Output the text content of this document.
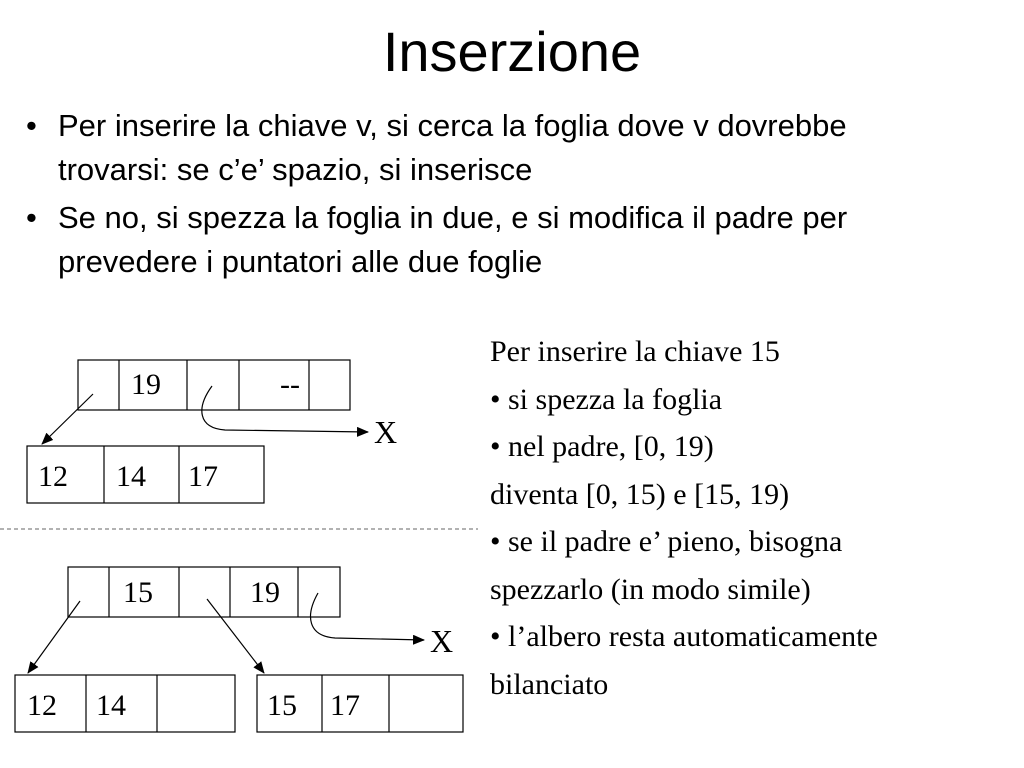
Inserzione
• Per inserire la chiave v, si cerca la foglia dove v dovrebbe trovarsi: se c’e’ spazio, si inserisce
• Se no, si spezza la foglia in due, e si modifica il padre per prevedere i puntatori alle due foglie
19	--
12 14 17
X
15	19
12 14	15 17
X
Per inserire la chiave 15
• si spezza la foglia
• nel padre, [0, 19)
diventa [0, 15) e [15, 19)
• se il padre e’ pieno, bisogna
spezzarlo (in modo simile)
• l’albero resta automaticamente
bilanciato
